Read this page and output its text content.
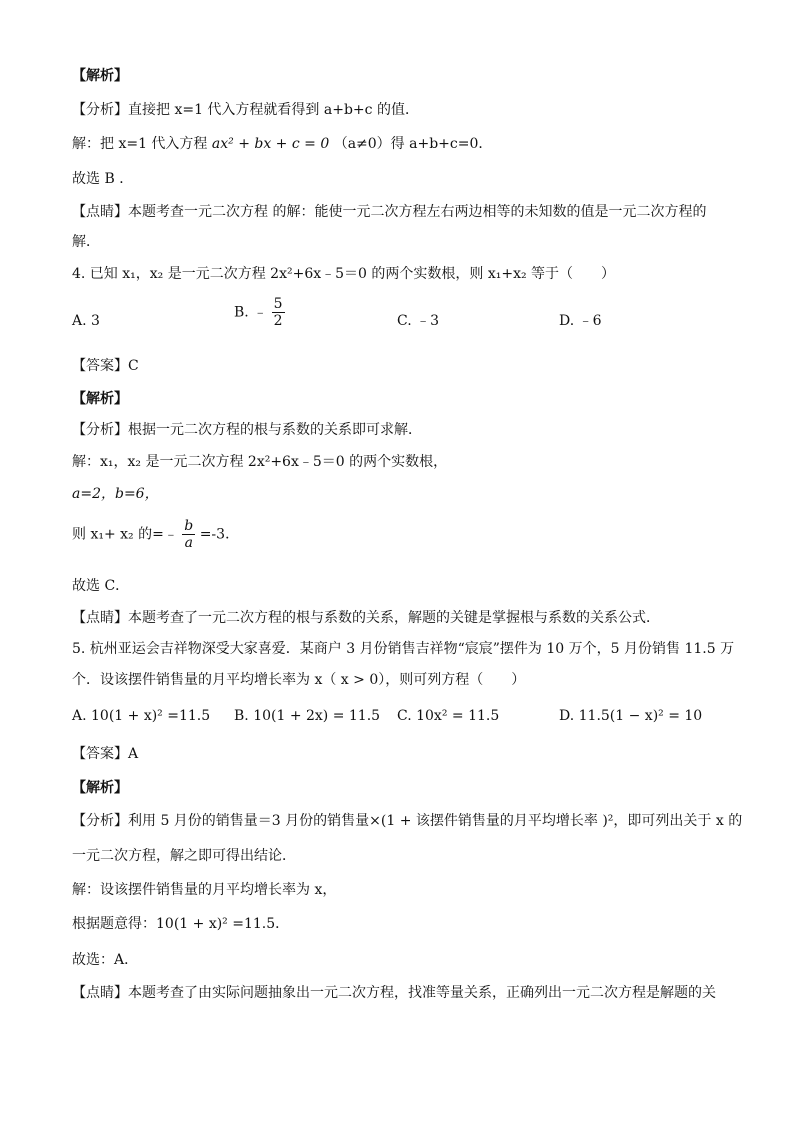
【解析】
【分析】直接把 x=1 代入方程就看得到 a+b+c 的值．
解：把 x=1 代入方程 ax² + bx + c = 0 （a≠0）得 a+b+c=0．
故选 B ．
【点睛】本题考查一元二次方程 的解：能使一元二次方程左右两边相等的未知数的值是一元二次方程的
解．
4. 已知 x₁，x₂ 是一元二次方程 2x²+6x﹣5＝0 的两个实数根，则 x₁+x₂ 等于（　　）
A. 3
B. ﹣ $\frac{5}{2}$	C. ﹣3	D. ﹣6
【答案】C
【解析】
【分析】根据一元二次方程的根与系数的关系即可求解．
解：x₁，x₂ 是一元二次方程 2x²+6x﹣5＝0 的两个实数根，
a=2，b=6，
则 x₁+ x₂ 的=﹣ $\frac{b}{a} =-3$．
故选 C．
【点睛】本题考查了一元二次方程的根与系数的关系，解题的关键是掌握根与系数的关系公式．
5. 杭州亚运会吉祥物深受大家喜爱．某商户 3 月份销售吉祥物“宸宸”摆件为 10 万个，5 月份销售 11.5 万
个．设该摆件销售量的月平均增长率为 x（ x > 0），则可列方程（　　）
A. 10(1 + x)² =11.5 B. 10(1 + 2x) = 11.5 C. 10x² = 11.5	D. 11.5(1 − x)² = 10
【答案】A
【解析】
【分析】利用 5 月份的销售量＝3 月份的销售量×(1 + 该摆件销售量的月平均增长率 )²，即可列出关于 x 的
一元二次方程，解之即可得出结论．
解：设该摆件销售量的月平均增长率为 x，
根据题意得：10(1 + x)² =11.5．
故选：A．
【点睛】本题考查了由实际问题抽象出一元二次方程，找准等量关系，正确列出一元二次方程是解题的关
